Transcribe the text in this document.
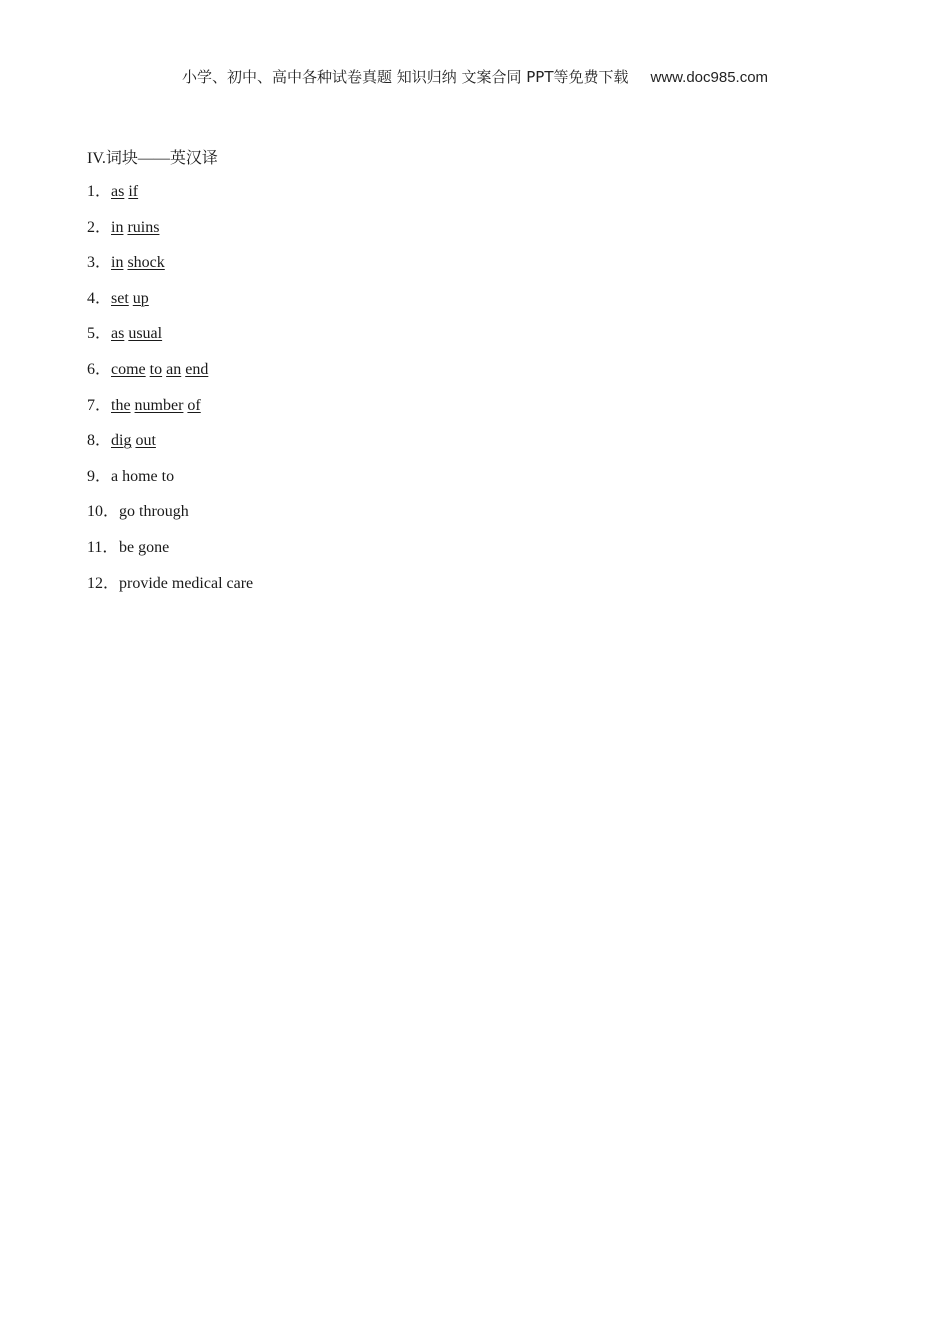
小学、初中、高中各种试卷真题 知识归纳 文案合同 PPT等免费下载 www.doc985.com
IV.词块——英汉译
1．as if
2．in ruins
3．in shock
4．set up
5．as usual
6．come to an end
7．the number of
8．dig out
9．a home to
10．go through
11．be gone
12．provide medical care
